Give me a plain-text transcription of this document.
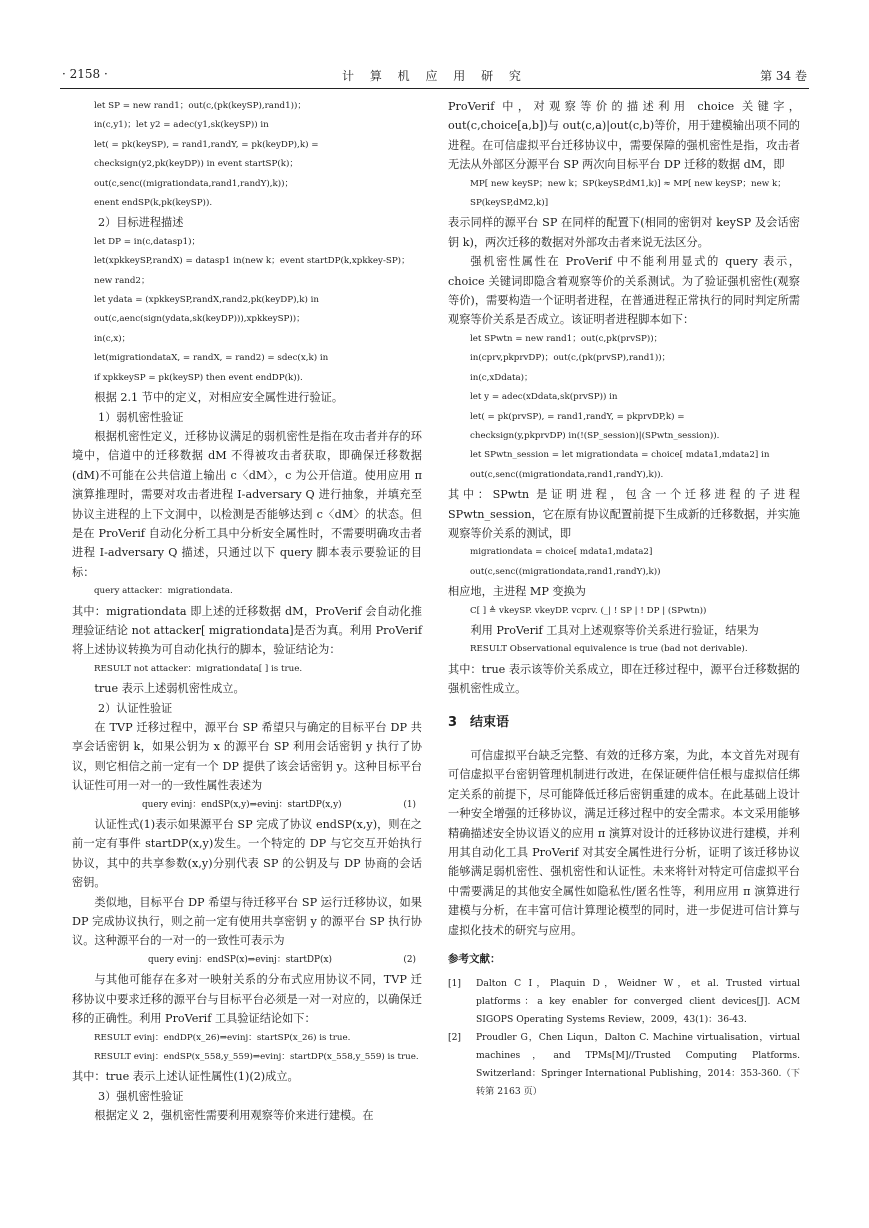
· 2158 ·	计 算 机 应 用 研 究	第 34 卷

let SP = new rand1；out(c,(pk(keySP),rand1))；

in(c,y1)；let y2 = adec(y1,sk(keySP)) in

let( = pk(keySP), = rand1,randY, = pk(keyDP),k) =

checksign(y2,pk(keyDP)) in event startSP(k)；

out(c,senc((migrationdata,rand1,randY),k))；

enent endSP(k,pk(keySP)).

2）目标进程描述

let DP = in(c,datasp1)；

let(xpkkeySP,randX) = datasp1 in(new k；event startDP(k,xpkkey-SP)；

new rand2；

let ydata = (xpkkeySP,randX,rand2,pk(keyDP),k) in

out(c,aenc(sign(ydata,sk(keyDP))),xpkkeySP))；

in(c,x)；

let(migrationdataX, = randX, = rand2) = sdec(x,k) in

if xpkkeySP = pk(keySP) then event endDP(k)).

根据 2.1 节中的定义，对相应安全属性进行验证。

1）弱机密性验证

根据机密性定义，迁移协议满足的弱机密性是指在攻击者并存的环境中，信道中的迁移数据 dM 不得被攻击者获取，即确保迁移数据(dM)不可能在公共信道上输出 c〈dM〉，c 为公开信道。使用应用 π 演算推理时，需要对攻击者进程 I-adversary Q 进行抽象，并填充至协议主进程的上下文洞中，以检测是否能够达到 c〈dM〉的状态。但是在 ProVerif 自动化分析工具中分析安全属性时，不需要明确攻击者进程 I-adversary Q 描述，只通过以下 query 脚本表示要验证的目标：

query attacker：migrationdata.

其中：migrationdata 即上述的迁移数据 dM，ProVerif 会自动化推理验证结论 not attacker[ migrationdata]是否为真。利用 ProVerif 将上述协议转换为可自动化执行的脚本，验证结论为：

RESULT not attacker：migrationdata[ ] is true.

true 表示上述弱机密性成立。

2）认证性验证

在 TVP 迁移过程中，源平台 SP 希望只与确定的目标平台 DP 共享会话密钥 k，如果公钥为 x 的源平台 SP 利用会话密钥 y 执行了协议，则它相信之前一定有一个 DP 提供了该会话密钥 y。这种目标平台认证性可用一对一的一致性属性表述为

query evinj：endSP(x,y)⇒evinj：startDP(x,y)	(1)

认证性式(1)表示如果源平台 SP 完成了协议 endSP(x,y)，则在之前一定有事件 startDP(x,y)发生。一个特定的 DP 与它交互开始执行协议，其中的共享参数(x,y)分别代表 SP 的公钥及与 DP 协商的会话密钥。

类似地，目标平台 DP 希望与待迁移平台 SP 运行迁移协议，如果 DP 完成协议执行，则之前一定有使用共享密钥 y 的源平台 SP 执行协议。这种源平台的一对一的一致性可表示为

query evinj：endSP(x)⇒evinj：startDP(x)	(2)

与其他可能存在多对一映射关系的分布式应用协议不同，TVP 迁移协议中要求迁移的源平台与目标平台必须是一对一对应的，以确保迁移的正确性。利用 ProVerif 工具验证结论如下：

RESULT evinj：endDP(x_26)⇒evinj：startSP(x_26) is true.

RESULT evinj：endSP(x_558,y_559)⇒evinj：startDP(x_558,y_559) is true.

其中：true 表示上述认证性属性(1)(2)成立。

3）强机密性验证

根据定义 2，强机密性需要利用观察等价来进行建模。在

ProVerif 中，对观察等价的描述利用 choice 关键字，out(c,choice[a,b])与 out(c,a)|out(c,b)等价，用于建模输出项不同的进程。在可信虚拟平台迁移协议中，需要保障的强机密性是指，攻击者无法从外部区分源平台 SP 两次向目标平台 DP 迁移的数据 dM，即

MP[ new keySP；new k；SP(keySP,dM1,k)] ≈ MP[ new keySP；new k；SP(keySP,dM2,k)]

表示同样的源平台 SP 在同样的配置下(相同的密钥对 keySP 及会话密钥 k)，两次迁移的数据对外部攻击者来说无法区分。

强机密性属性在 ProVerif 中不能利用显式的 query 表示，choice 关键词即隐含着观察等价的关系测试。为了验证强机密性(观察等价)，需要构造一个证明者进程，在普通进程正常执行的同时判定所需观察等价关系是否成立。该证明者进程脚本如下：

let SPwtn = new rand1；out(c,pk(prvSP))；

in(cprv,pkprvDP)；out(c,(pk(prvSP),rand1))；

in(c,xDdata)；

let y = adec(xDdata,sk(prvSP)) in

let( = pk(prvSP), = rand1,randY, = pkprvDP,k) =

checksign(y,pkprvDP) in(!(SP_session)|(SPwtn_session)).

let SPwtn_session = let migrationdata = choice[ mdata1,mdata2] in

out(c,senc((migrationdata,rand1,randY),k)).

其中：SPwtn 是证明进程，包含一个迁移进程的子进程 SPwtn_session，它在原有协议配置前提下生成新的迁移数据，并实施观察等价关系的测试，即

migrationdata = choice[ mdata1,mdata2]

out(c,senc((migrationdata,rand1,randY),k))

相应地，主进程 MP 变换为

C[ ] ≜ vkeySP. vkeyDP. vcprv. (_| ! SP | ! DP | (SPwtn))

利用 ProVerif 工具对上述观察等价关系进行验证，结果为

RESULT Observational equivalence is true (bad not derivable).

其中：true 表示该等价关系成立，即在迁移过程中，源平台迁移数据的强机密性成立。

3　结束语

可信虚拟平台缺乏完整、有效的迁移方案，为此，本文首先对现有可信虚拟平台密钥管理机制进行改进，在保证硬件信任根与虚拟信任绑定关系的前提下，尽可能降低迁移后密钥重建的成本。在此基础上设计一种安全增强的迁移协议，满足迁移过程中的安全需求。本文采用能够精确描述安全协议语义的应用 π 演算对设计的迁移协议进行建模，并利用其自动化工具 ProVerif 对其安全属性进行分析，证明了该迁移协议能够满足弱机密性、强机密性和认证性。未来将针对特定可信虚拟平台中需要满足的其他安全属性如隐私性/匿名性等，利用应用 π 演算进行建模与分析，在丰富可信计算理论模型的同时，进一步促进可信计算与虚拟化技术的研究与应用。

参考文献：

[1]	Dalton C I，Plaquin D，Weidner W，et al. Trusted virtual platforms：a key enabler for converged client devices[J]. ACM SIGOPS Operating Systems Review，2009，43(1)：36-43.
[2]	Proudler G，Chen Liqun，Dalton C. Machine virtualisation，virtual machines，and TPMs[M]//Trusted Computing Platforms. Switzerland：Springer International Publishing，2014：353-360.（下转第 2163 页）
